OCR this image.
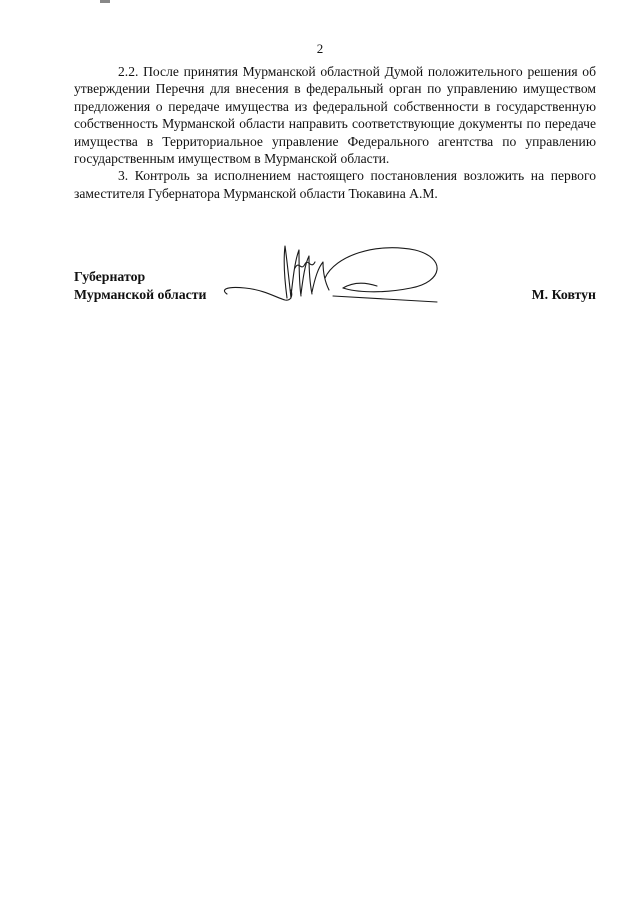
2

2.2. После принятия Мурманской областной Думой положительного решения об утверждении Перечня для внесения в федеральный орган по управлению имуществом предложения о передаче имущества из федеральной собственности в государственную собственность Мурманской области направить соответствующие документы по передаче имущества в Территориальное управление Федерального агентства по управлению государственным имуществом в Мурманской области.

3. Контроль за исполнением настоящего постановления возложить на первого заместителя Губернатора Мурманской области Тюкавина А.М.

Губернатор
Мурманской области	М. Ковтун
